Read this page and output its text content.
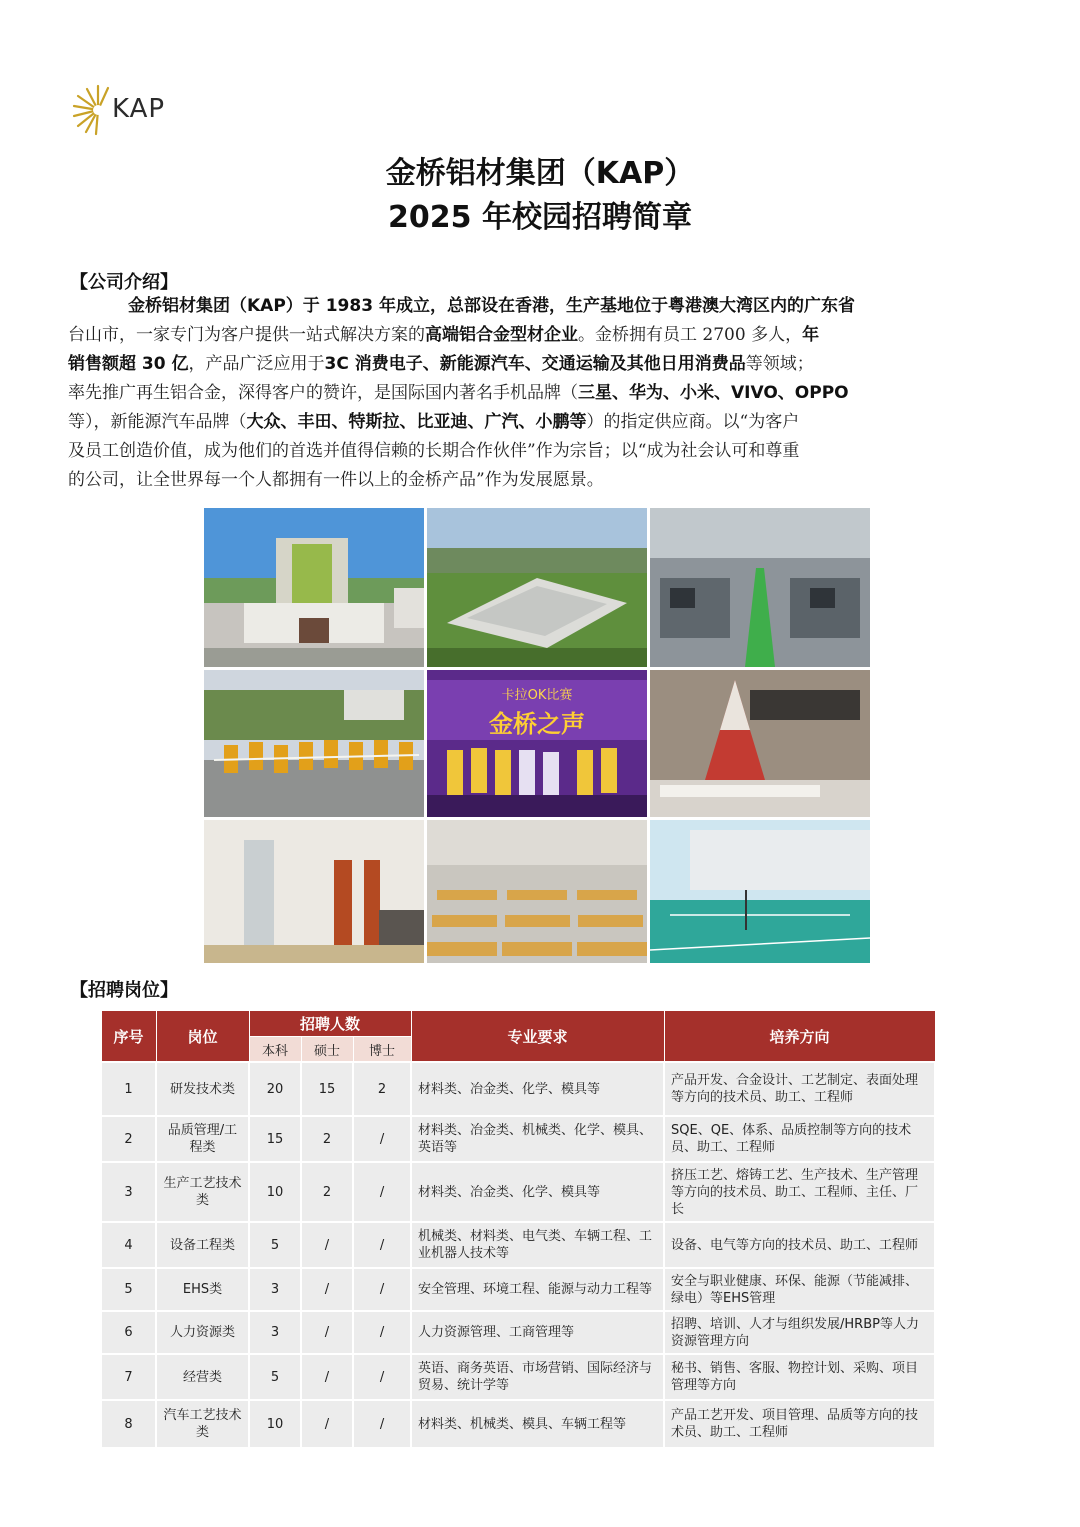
KAP
金桥铝材集团（KAP）
2025 年校园招聘简章
【公司介绍】
金桥铝材集团（KAP）于 1983 年成立，总部设在香港，生产基地位于粤港澳大湾区内的广东省
台山市，一家专门为客户提供一站式解决方案的高端铝合金型材企业。金桥拥有员工 2700 多人，年
销售额超 30 亿，产品广泛应用于3C 消费电子、新能源汽车、交通运输及其他日用消费品等领域；
率先推广再生铝合金，深得客户的赞许，是国际国内著名手机品牌（三星、华为、小米、VIVO、OPPO
等），新能源汽车品牌（大众、丰田、特斯拉、比亚迪、广汽、小鹏等）的指定供应商。以“为客户
及员工创造价值，成为他们的首选并值得信赖的长期合作伙伴”作为宗旨；以“成为社会认可和尊重
的公司，让全世界每一个人都拥有一件以上的金桥产品”作为发展愿景。
卡拉OK比赛
金桥之声
【招聘岗位】
序号	岗位	招聘人数			专业要求	培养方向
		本科	硕士	博士		
1	研发技术类	20	15	2	材料类、冶金类、化学、模具等	产品开发、合金设计、工艺制定、表面处理等方向的技术员、助工、工程师
2	品质管理/工程类	15	2	/	材料类、冶金类、机械类、化学、模具、英语等	SQE、QE、体系、品质控制等方向的技术员、助工、工程师
3	生产工艺技术类	10	2	/	材料类、冶金类、化学、模具等	挤压工艺、熔铸工艺、生产技术、生产管理等方向的技术员、助工、工程师、主任、厂长
4	设备工程类	5	/	/	机械类、材料类、电气类、车辆工程、工业机器人技术等	设备、电气等方向的技术员、助工、工程师
5	EHS类	3	/	/	安全管理、环境工程、能源与动力工程等	安全与职业健康、环保、能源（节能减排、绿电）等EHS管理
6	人力资源类	3	/	/	人力资源管理、工商管理等	招聘、培训、人才与组织发展/HRBP等人力资源管理方向
7	经营类	5	/	/	英语、商务英语、市场营销、国际经济与贸易、统计学等	秘书、销售、客服、物控计划、采购、项目管理等方向
8	汽车工艺技术类	10	/	/	材料类、机械类、模具、车辆工程等	产品工艺开发、项目管理、品质等方向的技术员、助工、工程师
